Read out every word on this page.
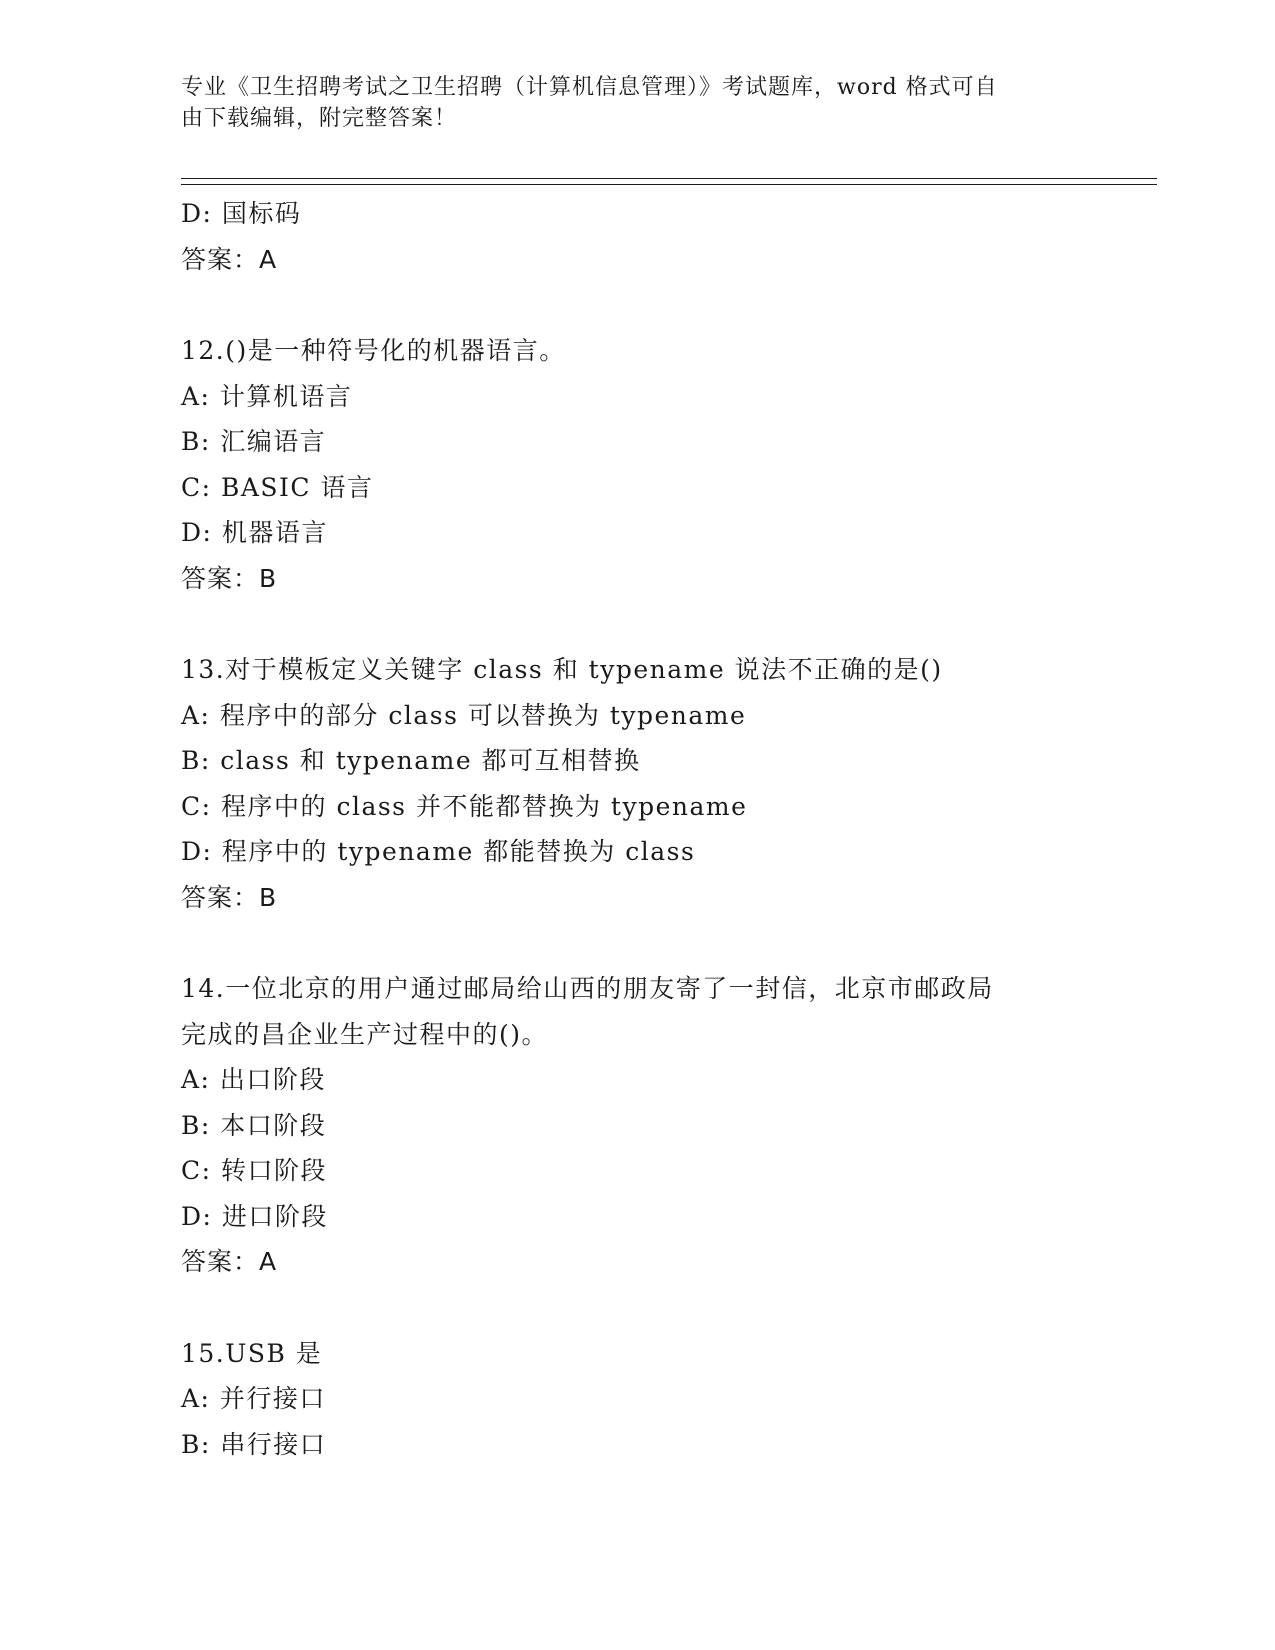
专业《卫生招聘考试之卫生招聘（计算机信息管理）》考试题库，word 格式可自
由下载编辑，附完整答案！
D: 国标码
答案：A
12.()是一种符号化的机器语言。
A: 计算机语言
B: 汇编语言
C: BASIC 语言
D: 机器语言
答案：B
13.对于模板定义关键字 class 和 typename 说法不正确的是()
A: 程序中的部分 class 可以替换为 typename
B: class 和 typename 都可互相替换
C: 程序中的 class 并不能都替换为 typename
D: 程序中的 typename 都能替换为 class
答案：B
14.一位北京的用户通过邮局给山西的朋友寄了一封信，北京市邮政局
完成的昌企业生产过程中的()。
A: 出口阶段
B: 本口阶段
C: 转口阶段
D: 进口阶段
答案：A
15.USB 是
A: 并行接口
B: 串行接口
